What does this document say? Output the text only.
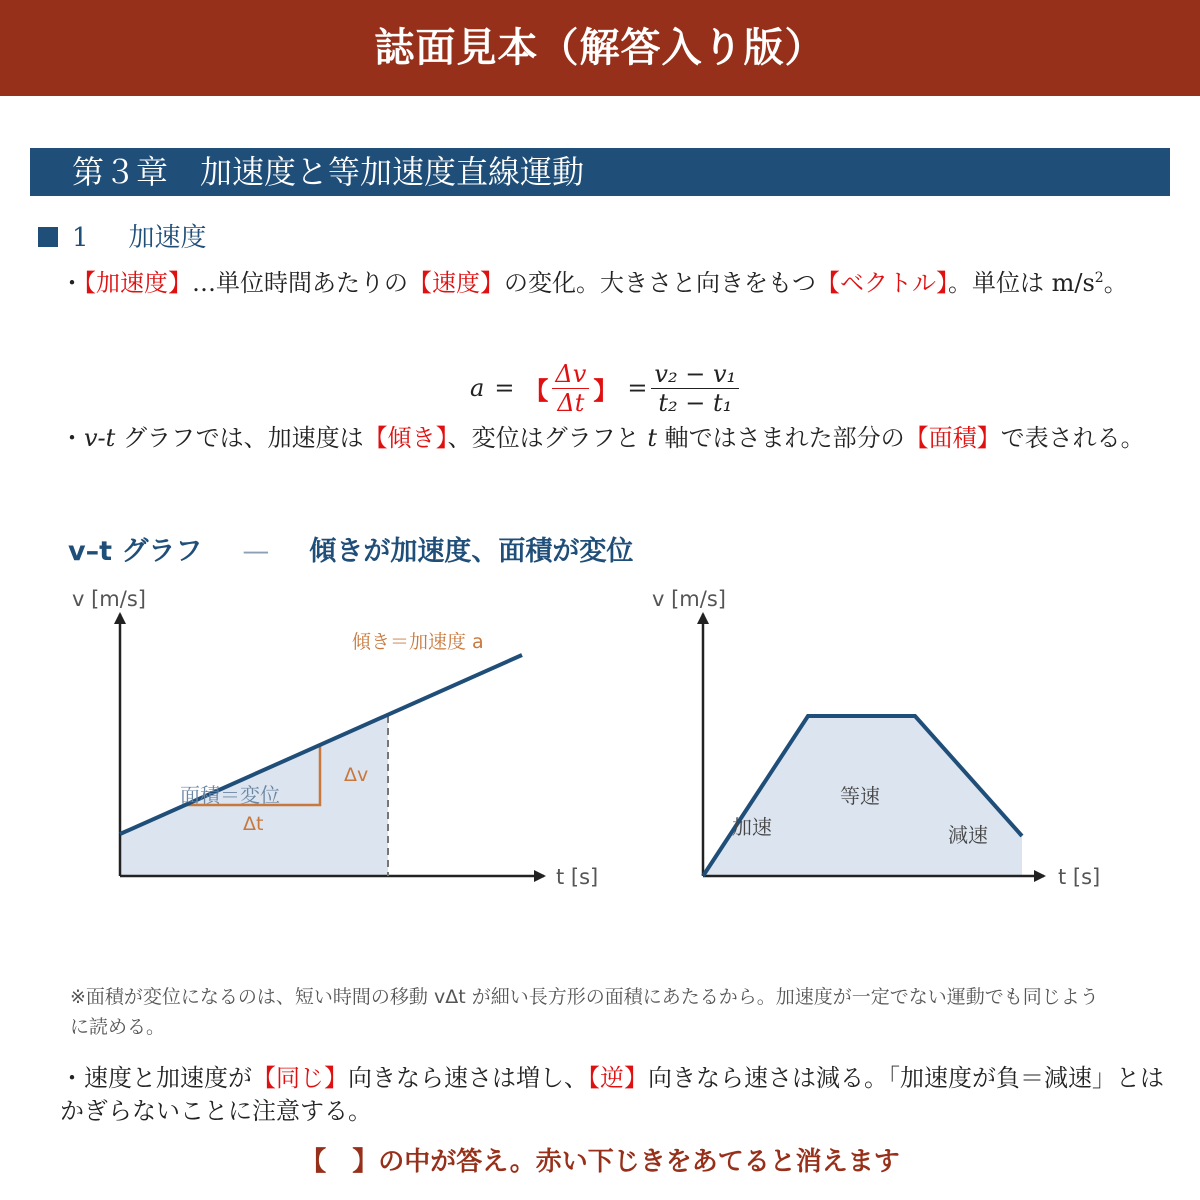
誌面見本（解答入り版）
第３章　加速度と等加速度直線運動
1 加速度
・【加速度】…単位時間あたりの【速度】の変化。大きさと向きをもつ【ベクトル】。単位は $m/s^2$。
a = 【 $\frac{\Delta v}{\Delta t}$ 】 = $\frac{\text{v₂ − v₁}}{\text{t₂ − t₁}}$
・v-t グラフでは、加速度は【傾き】、変位はグラフと t 軸ではさまれた部分の【面積】で表される。
v–t グラフ — 傾きが加速度、面積が変位
v [m/s]
t [s]
傾き＝加速度 a
Δv
Δt
面積＝変位
v [m/s]
t [s]
加速
等速
減速
※面積が変位になるのは、短い時間の移動 vΔt が細い長方形の面積にあたるから。加速度が一定でない運動でも同じように読める。
・速度と加速度が【同じ】向きなら速さは増し、【逆】向きなら速さは減る。「加速度が負＝減速」とはかぎらないことに注意する。
【　】の中が答え。赤い下じきをあてると消えます
